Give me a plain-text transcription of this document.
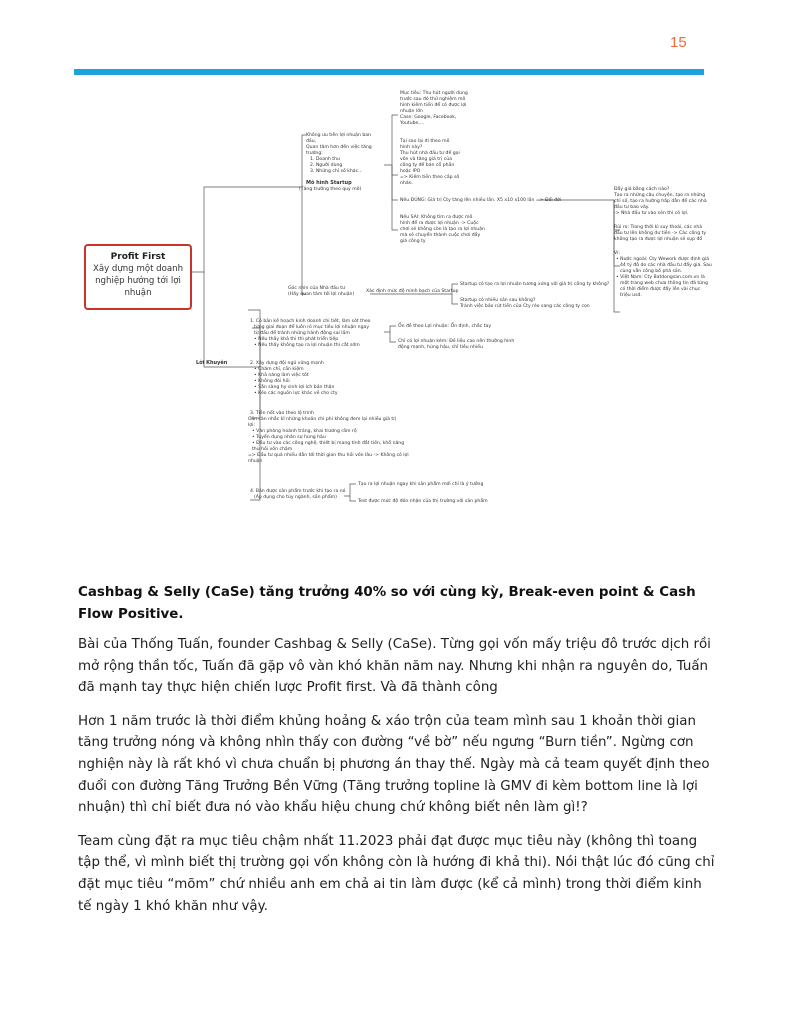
15
Mô hình Startup
(Tăng trưởng theo quy mô)
Không ưu tiên lợi nhuận ban
đầu,
Quan tâm hơn đến việc tăng
trưởng:
1. Doanh thu
2. Người dùng
3. Những chỉ số khác...
Mục tiêu: Thu hút người dùng
trước sau đó thử nghiệm mô
hình kiếm tiền để có được lợi
nhuận lớn
Case: Google, Facebook,
Youtube,...
Tại sao lại đi theo mô
hình này?
Thu hút nhà đầu tư để gọi
vốn và tăng giá trị của
công ty để bán cổ phần
hoặc IPO
=> Kiếm tiền theo cấp số
nhân.
Nếu ĐÚNG: Giá trị Cty tăng lên nhiều lần. X5 x10 x100 lần => Đổi đời
Nếu SAI: Không tìm ra được mô
hình để ra được lợi nhuận -> Cuộc
chơi sẽ không còn là tạo ra lợi nhuận
mà sẽ chuyển thành cuộc chơi đầy
giá công ty
Đẩy giá bằng cách nào?
Tạo ra những câu chuyện, tạo ra những
chỉ số, tạo ra hướng hấp dẫn để các nhà
đầu tư bao vây.
-> Nhà đầu tư vào sẽn thì có lợi.
Rủi ro: Trong thời kì suy thoái, các nhà
đầu tư lên không dư tiền -> Các công ty
không tạo ra được lợi nhuận sẽ sụp đổ
Ví:
• Nước ngoài: Cty Wework được định giá
44 tỷ đô do các nhà đầu tư đẩy giá. Sau
cùng vẫn công bố phá sản.
• Việt Nam: Cty Batdongsan.com.vn là
một trang web chưa thông tin đã từng
có thời điểm được đẩy lên vài chục
triệu usd.
Góc nhìn của Nhà đầu tư
(Hãy quan tâm tới lợi nhuận)
Xác định mức độ mình bạch của Startup
Startup có tạo ra lợi nhuận tương xứng với giá trị công ty không?
Startup có nhiều sản sau không?
Tránh việc bảo rút tiền của Cty rèo sang các công ty con
Lời Khuyên
1. Có bản kế hoạch kinh doanh chi tiết, làm sót theo
từng giai đoạn để luôn rõ mục tiêu lợi nhuận ngay
từ đầu để tránh những hành động sai lầm
• Nếu thấy khả thi thì phát triển tiếp
• Nếu thấy không tạo ra lợi nhuận thì cắt sớm
Ổn đề theo Lợi nhuận: Ổn định, chắc tay
Chỉ có lợi nhuận kém: Đề liều cao nên thường hình
động mạnh, hùng hậu, chỉ tiêu nhiều
2. Xây dựng đội ngũ vững mạnh
• Chăm chỉ, cần kiệm
• Khả năng làm việc tốt
• Không đòi hỏi
• Sẵn sàng hy sinh lợi ích bản thân
• Kéo các nguồn lực khác về cho cty
3. Tiền nốt vào theo lộ trình
Cần cân nhắc kĩ những khoản chi phí không đem lại nhiều giá trị
lợi:
• Văn phòng hoành tráng, khai trương rầm rộ
• Tuyển dụng nhân sự hùng hậu
• Đầu tư vào các công nghệ, thiết bị mang tính đắt tiền, khổ năng
thu hồi vốn chậm
=> Đầu tư quá nhiều dẫn tới thời gian thu hồi vốn lâu -> Không có lợi
nhuận
4. Bán được sản phẩm trước khi tạo ra nó
(Áp dụng cho tùy ngành, sản phẩm)
Tạo ra lợi nhuận ngay khi sản phẩm mới chỉ là ý tưởng
Test được mức độ đón nhận của thị trường với sản phẩm
Profit First
Xây dựng một doanh nghiệp hướng tới lợi nhuận
Cashbag & Selly (CaSe) tăng trưởng 40% so với cùng kỳ, Break-even point & Cash Flow Positive.

Bài của Thống Tuấn, founder Cashbag & Selly (CaSe). Từng gọi vốn mấy triệu đô trước dịch rồi mở rộng thần tốc, Tuấn đã gặp vô vàn khó khăn năm nay. Nhưng khi nhận ra nguyên do, Tuấn đã mạnh tay thực hiện chiến lược Profit first. Và đã thành công

Hơn 1 năm trước là thời điểm khủng hoảng & xáo trộn của team mình sau 1 khoản thời gian tăng trưởng nóng và không nhìn thấy con đường “về bờ” nếu ngưng “Burn tiền”. Ngừng cơn nghiện này là rất khó vì chưa chuẩn bị phương án thay thế. Ngày mà cả team quyết định theo đuổi con đường Tăng Trưởng Bền Vững (Tăng trưởng topline là GMV đi kèm bottom line là lợi nhuận) thì chỉ biết đưa nó vào khẩu hiệu chung chứ không biết nên làm gì!?

Team cùng đặt ra mục tiêu chậm nhất 11.2023 phải đạt được mục tiêu này (không thì toang tập thể, vì mình biết thị trường gọi vốn không còn là hướng đi khả thi). Nói thật lúc đó cũng chỉ đặt mục tiêu “mõm” chứ nhiều anh em chả ai tin làm được (kể cả mình) trong thời điểm kinh tế ngày 1 khó khăn như vậy.
